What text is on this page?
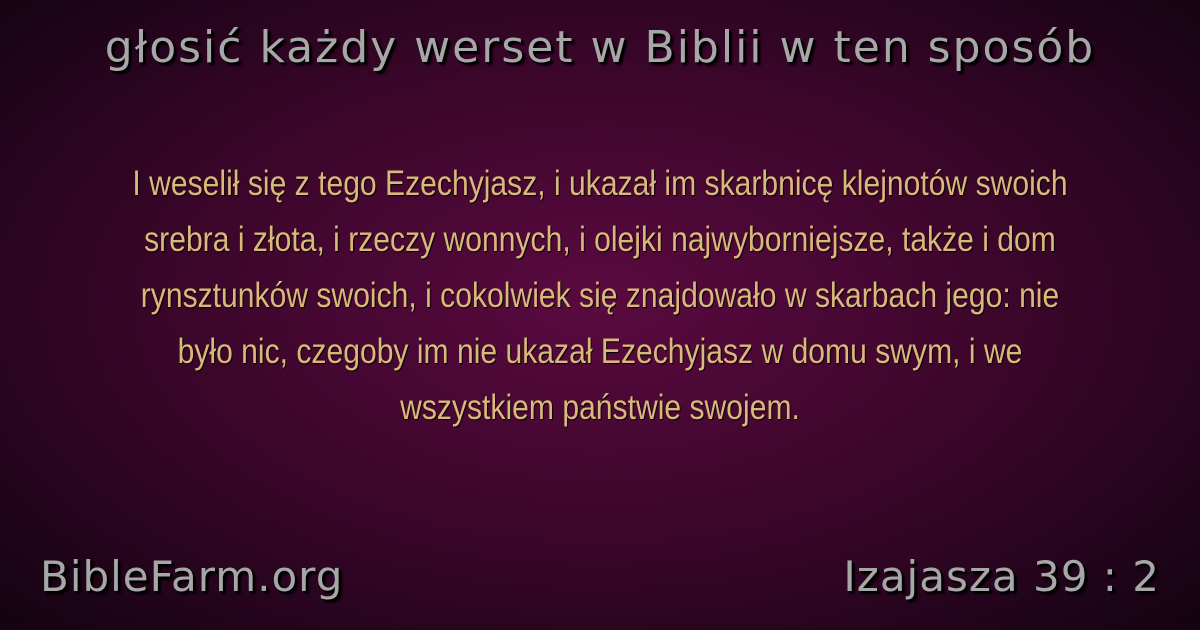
głosić każdy werset w Biblii w ten sposób
I weselił się z tego Ezechyjasz, i ukazał im skarbnicę klejnotów swoich srebra i złota, i rzeczy wonnych, i olejki najwyborniejsze, także i dom rynsztunków swoich, i cokolwiek się znajdowało w skarbach jego: nie było nic, czegoby im nie ukazał Ezechyjasz w domu swym, i we wszystkiem państwie swojem.
BibleFarm.org	Izajasza 39 : 2
